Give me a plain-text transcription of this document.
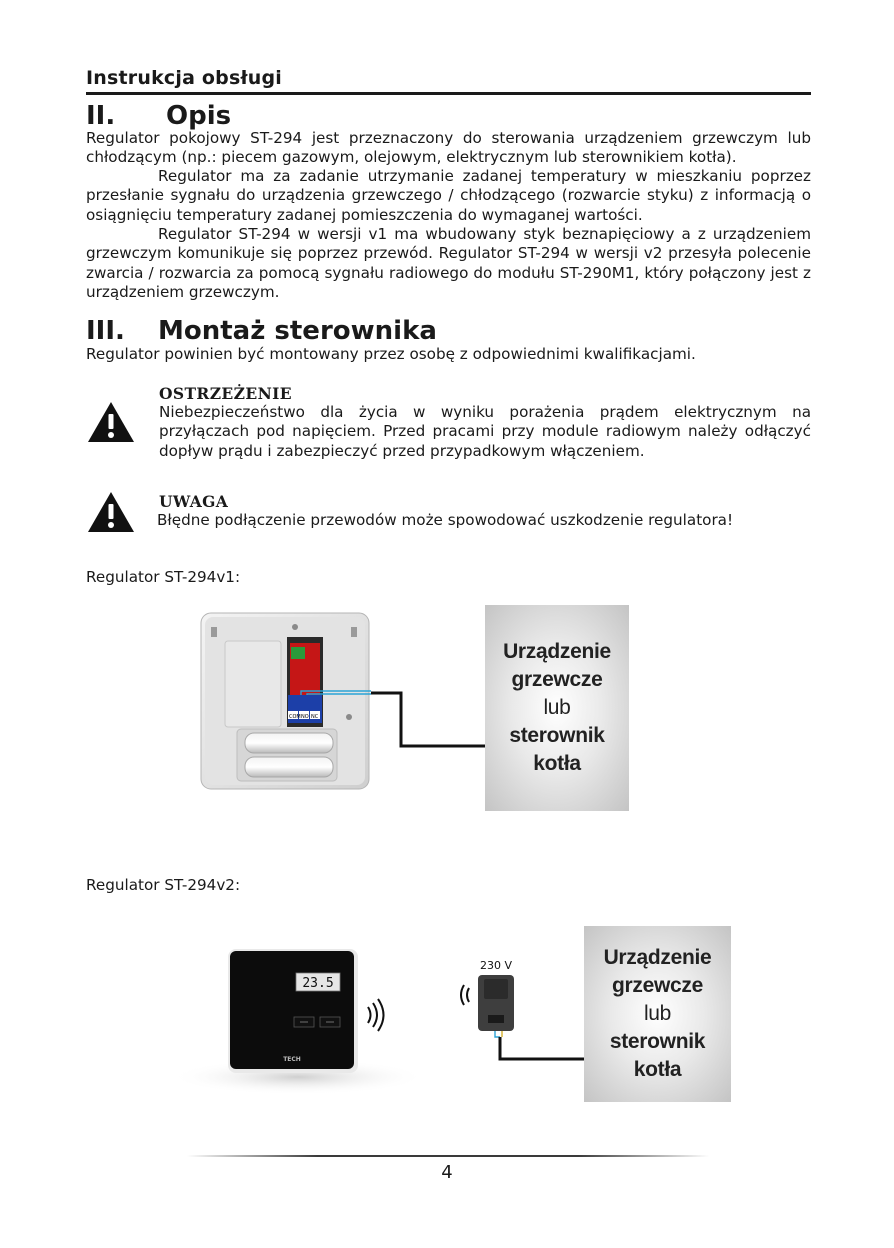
Instrukcja obsługi
II. Opis
Regulator pokojowy ST-294 jest przeznaczony do sterowania urządzeniem grzewczym lub chłodzącym (np.: piecem gazowym, olejowym, elektrycznym lub sterownikiem kotła).
Regulator ma za zadanie utrzymanie zadanej temperatury w mieszkaniu poprzez przesłanie sygnału do urządzenia grzewczego / chłodzącego (rozwarcie styku) z informacją o osiągnięciu temperatury zadanej pomieszczenia do wymaganej wartości.
Regulator ST-294 w wersji v1 ma wbudowany styk beznapięciowy a z urządzeniem grzewczym komunikuje się poprzez przewód. Regulator ST-294 w wersji v2 przesyła polecenie zwarcia / rozwarcia za pomocą sygnału radiowego do modułu ST-290M1, który połączony jest z urządzeniem grzewczym.
III. Montaż sterownika
Regulator powinien być montowany przez osobę z odpowiednimi kwalifikacjami.
OSTRZEŻENIE
Niebezpieczeństwo dla życia w wyniku porażenia prądem elektrycznym na przyłączach pod napięciem. Przed pracami przy module radiowym należy odłączyć dopływ prądu i zabezpieczyć przed przypadkowym włączeniem.
UWAGA
Błędne podłączenie przewodów może spowodować uszkodzenie regulatora!
Regulator ST-294v1:
COM NO NC
Urządzenie
grzewcze
lub
sterownik
kotła
Regulator ST-294v2:
23.5
TECH
230 V	Urządzenie
grzewcze
lub
sterownik
kotła
4
